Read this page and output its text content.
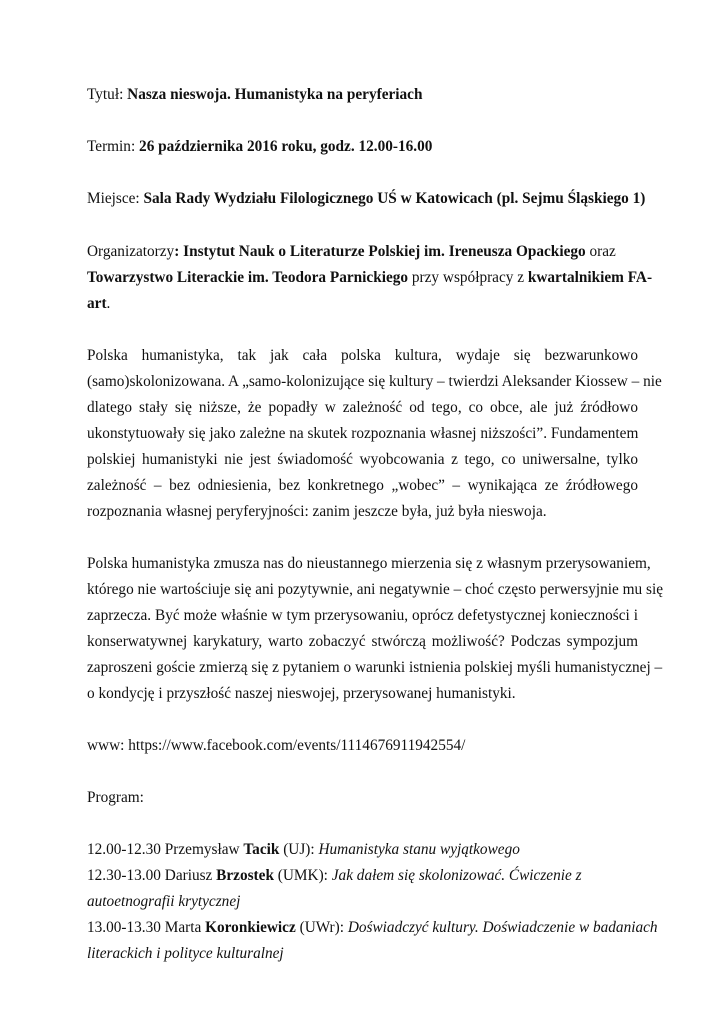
Tytuł: Nasza nieswoja. Humanistyka na peryferiach
Termin: 26 października 2016 roku, godz. 12.00-16.00
Miejsce: Sala Rady Wydziału Filologicznego UŚ w Katowicach (pl. Sejmu Śląskiego 1)
Organizatorzy: Instytut Nauk o Literaturze Polskiej im. Ireneusza Opackiego oraz
Towarzystwo Literackie im. Teodora Parnickiego przy współpracy z kwartalnikiem FA-
art.
Polska humanistyka, tak jak cała polska kultura, wydaje się bezwarunkowo
(samo)skolonizowana. A „samo-kolonizujące się kultury – twierdzi Aleksander Kiossew – nie
dlatego stały się niższe, że popadły w zależność od tego, co obce, ale już źródłowo
ukonstytuowały się jako zależne na skutek rozpoznania własnej niższości”. Fundamentem
polskiej humanistyki nie jest świadomość wyobcowania z tego, co uniwersalne, tylko
zależność – bez odniesienia, bez konkretnego „wobec” – wynikająca ze źródłowego
rozpoznania własnej peryferyjności: zanim jeszcze była, już była nieswoja.
Polska humanistyka zmusza nas do nieustannego mierzenia się z własnym przerysowaniem,
którego nie wartościuje się ani pozytywnie, ani negatywnie – choć często perwersyjnie mu się
zaprzecza. Być może właśnie w tym przerysowaniu, oprócz defetystycznej konieczności i
konserwatywnej karykatury, warto zobaczyć stwórczą możliwość? Podczas sympozjum
zaproszeni goście zmierzą się z pytaniem o warunki istnienia polskiej myśli humanistycznej –
o kondycję i przyszłość naszej nieswojej, przerysowanej humanistyki.
www: https://www.facebook.com/events/1114676911942554/
Program:
12.00-12.30 Przemysław Tacik (UJ): Humanistyka stanu wyjątkowego
12.30-13.00 Dariusz Brzostek (UMK): Jak dałem się skolonizować. Ćwiczenie z
autoetnografii krytycznej
13.00-13.30 Marta Koronkiewicz (UWr): Doświadczyć kultury. Doświadczenie w badaniach
literackich i polityce kulturalnej
